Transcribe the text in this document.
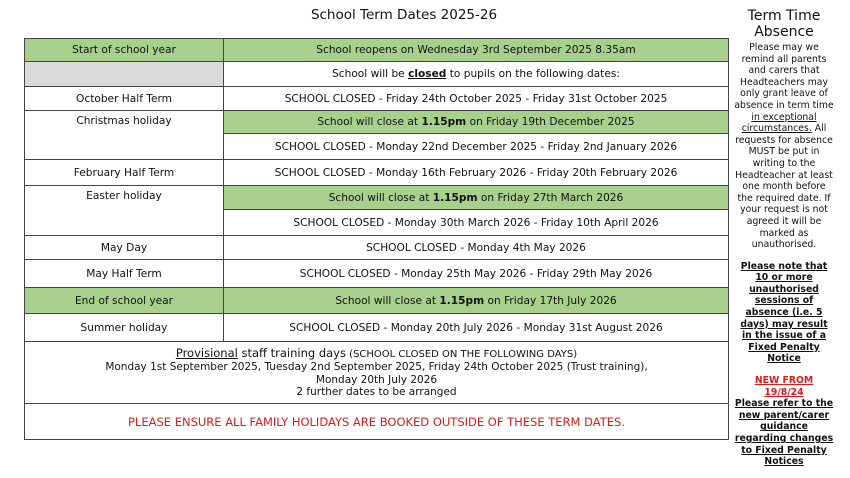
School Term Dates 2025-26
Start of school year	School reopens on Wednesday 3rd September 2025 8.35am
	School will be closed to pupils on the following dates:
October Half Term	SCHOOL CLOSED - Friday 24th October 2025 - Friday 31st October 2025
Christmas holiday	School will close at 1.15pm on Friday 19th December 2025
	SCHOOL CLOSED - Monday 22nd December 2025 - Friday 2nd January 2026
February Half Term	SCHOOL CLOSED - Monday 16th February 2026 - Friday 20th February 2026
Easter holiday	School will close at 1.15pm on Friday 27th March 2026
	SCHOOL CLOSED - Monday 30th March 2026 - Friday 10th April 2026
May Day	SCHOOL CLOSED - Monday 4th May 2026
May Half Term	SCHOOL CLOSED - Monday 25th May 2026 - Friday 29th May 2026
End of school year	School will close at 1.15pm on Friday 17th July 2026
Summer holiday	SCHOOL CLOSED - Monday 20th July 2026 - Monday 31st August 2026

Provisional staff training days (SCHOOL CLOSED ON THE FOLLOWING DAYS)
Monday 1st September 2025, Tuesday 2nd September 2025, Friday 24th October 2025 (Trust training),
Monday 20th July 2026
2 further dates to be arranged	

PLEASE ENSURE ALL FAMILY HOLIDAYS ARE BOOKED OUTSIDE OF THESE TERM DATES.	
Term Time Absence
Please may we remind all parents and carers that Headteachers may only grant leave of absence in term time in exceptional circumstances. All requests for absence MUST be put in writing to the Headteacher at least one month before the required date. If your request is not agreed it will be marked as unauthorised.
Please note that 10 or more unauthorised sessions of absence (i.e. 5 days) may result in the issue of a Fixed Penalty Notice
NEW FROM 19/8/24
Please refer to the new parent/carer guidance regarding changes to Fixed Penalty Notices
